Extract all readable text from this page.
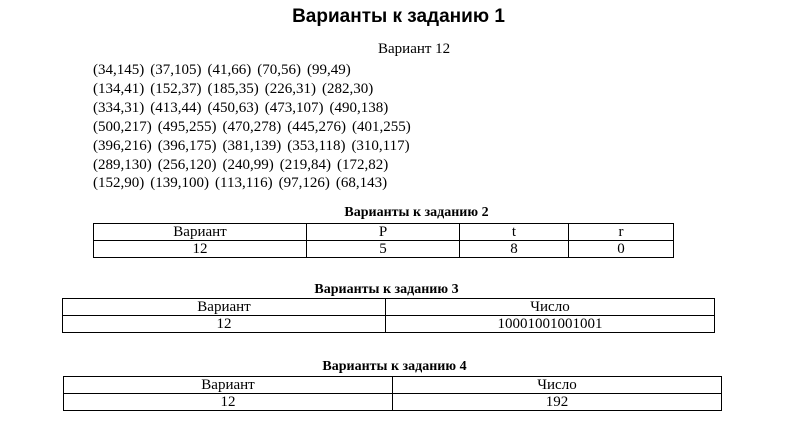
Варианты к заданию 1
Вариант 12
(34,145) (37,105) (41,66) (70,56) (99,49)
(134,41) (152,37) (185,35) (226,31) (282,30)
(334,31) (413,44) (450,63) (473,107) (490,138)
(500,217) (495,255) (470,278) (445,276) (401,255)
(396,216) (396,175) (381,139) (353,118) (310,117)
(289,130) (256,120) (240,99) (219,84) (172,82)
(152,90) (139,100) (113,116) (97,126) (68,143)
Варианты к заданию 2
Вариант	P	t	r
12	5	8	0
Варианты к заданию 3
Вариант	Число
12	10001001001001
Варианты к заданию 4
Вариант	Число
12	192
